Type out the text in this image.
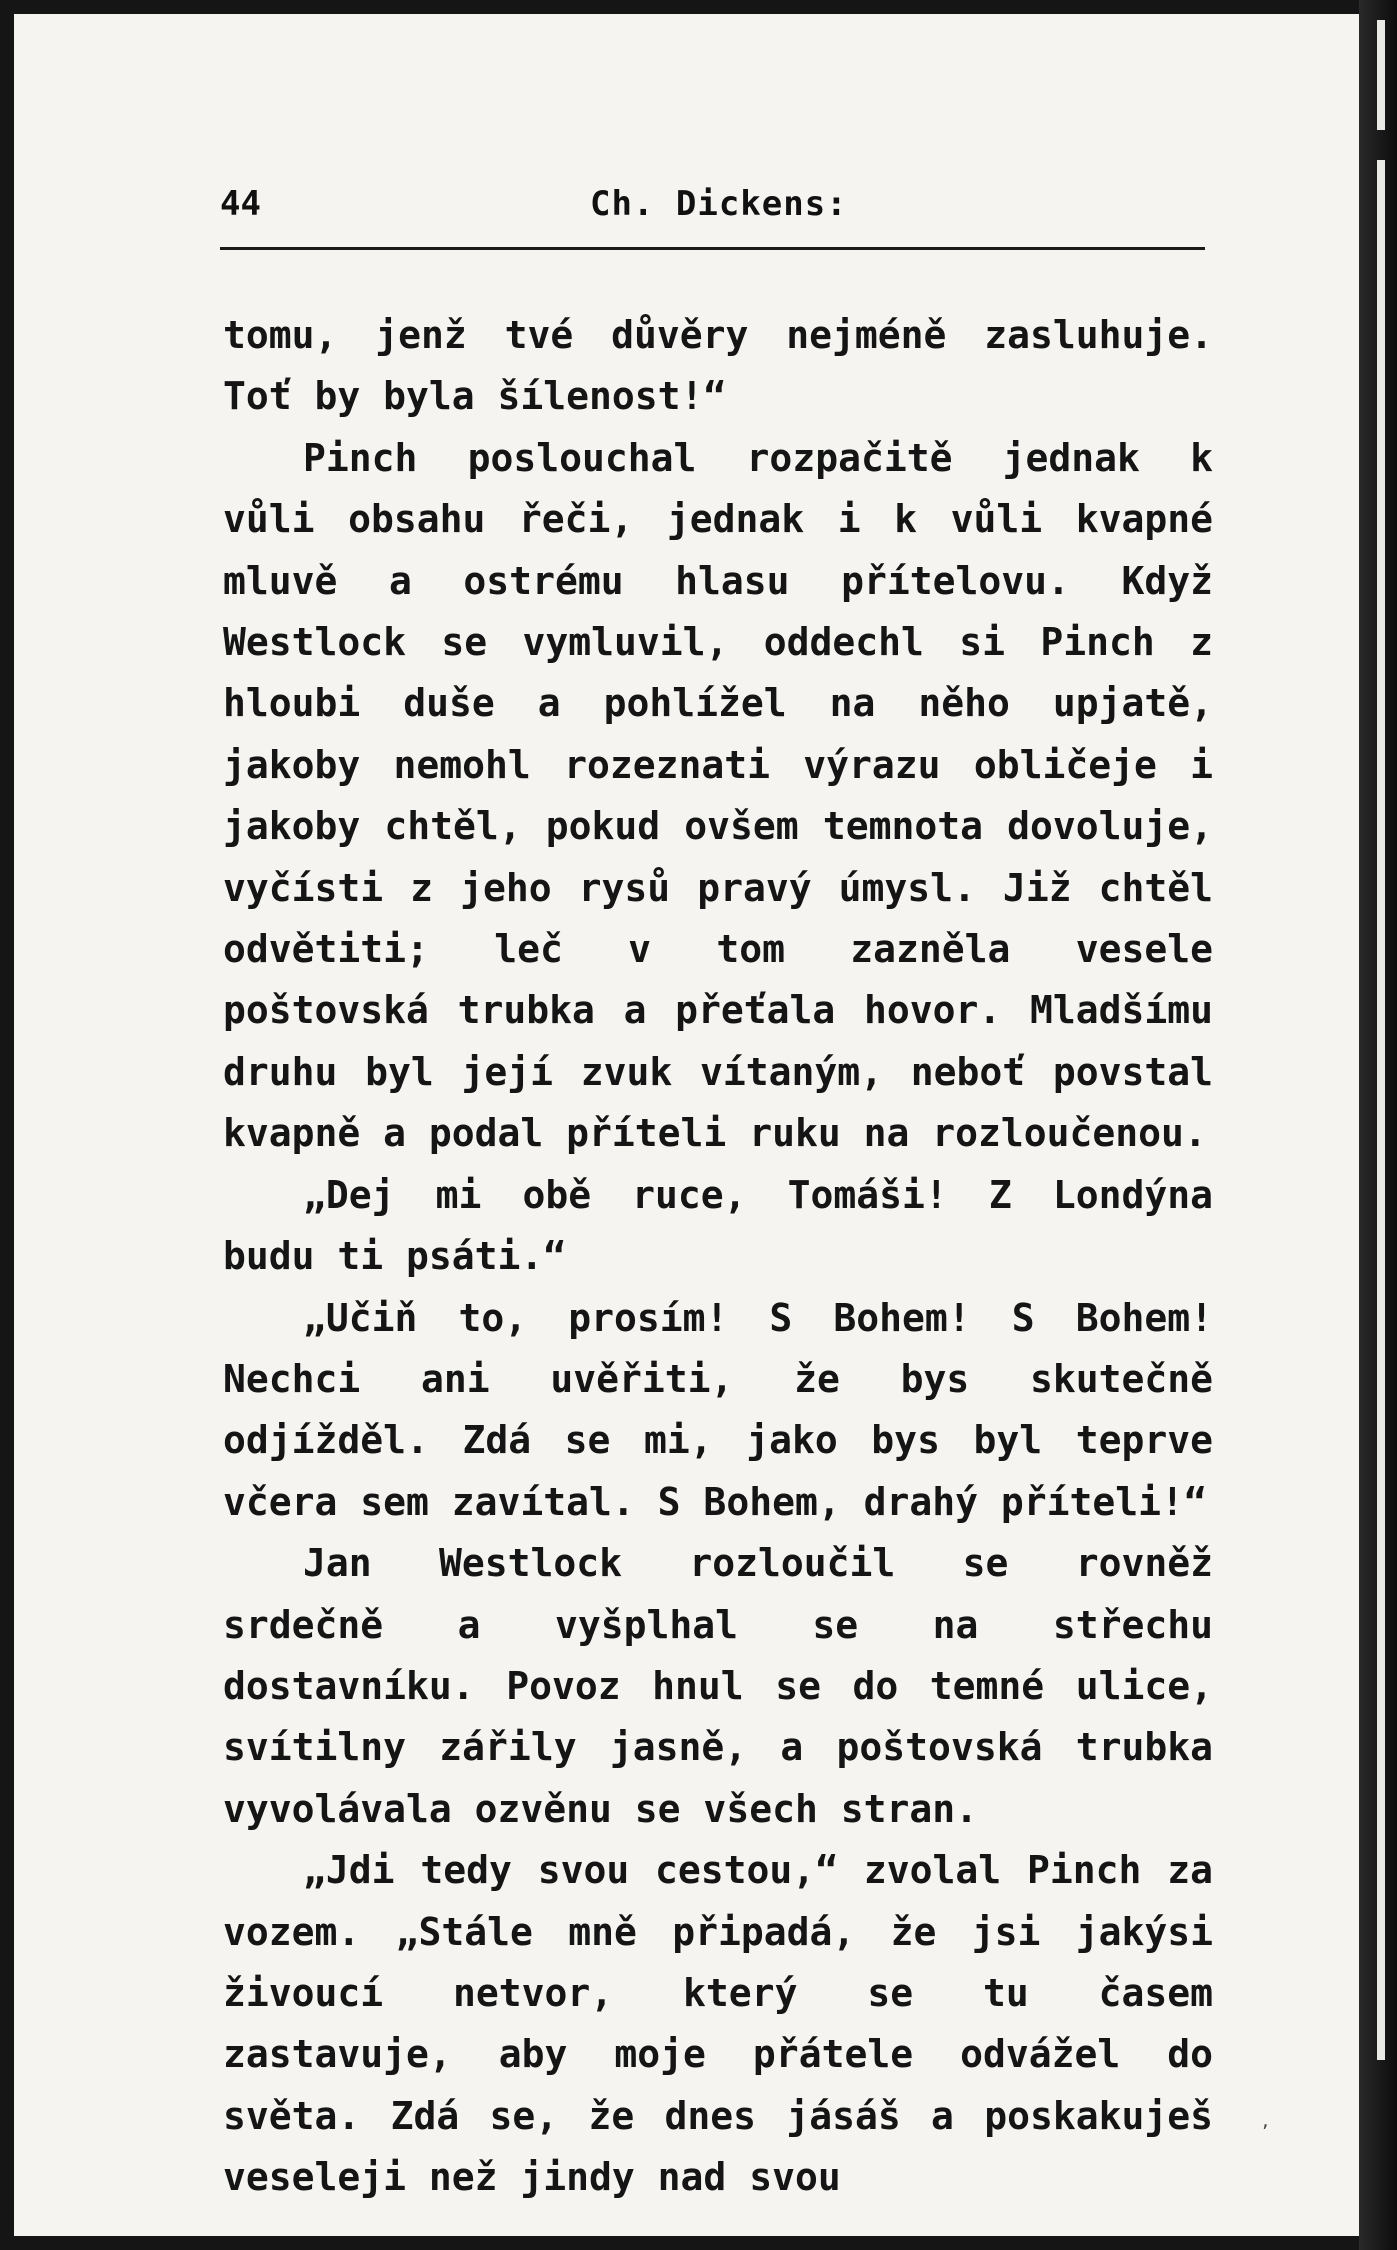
44	Ch. Dickens:

tomu, jenž tvé důvěry nejméně zasluhuje. Toť by byla šílenost!“

Pinch poslouchal rozpačitě jednak k vůli obsahu řeči, jednak i k vůli kvapné mluvě a ostrému hlasu přítelovu. Když Westlock se vymluvil, oddechl si Pinch z hloubi duše a pohlížel na něho upjatě, jakoby nemohl rozeznati výrazu obličeje i jakoby chtěl, pokud ovšem temnota dovoluje, vyčísti z jeho rysů pravý úmysl. Již chtěl odvětiti; leč v tom zazněla vesele poštovská trubka a přeťala hovor. Mladšímu druhu byl její zvuk vítaným, neboť povstal kvapně a podal příteli ruku na rozloučenou.

„Dej mi obě ruce, Tomáši! Z Londýna budu ti psáti.“

„Učiň to, prosím! S Bohem! S Bohem! Nechci ani uvěřiti, že bys skutečně odjížděl. Zdá se mi, jako bys byl teprve včera sem zavítal. S Bohem, drahý příteli!“

Jan Westlock rozloučil se rovněž srdečně a vyšplhal se na střechu dostavníku. Povoz hnul se do temné ulice, svítilny zářily jasně, a poštovská trubka vyvolávala ozvěnu se všech stran.

„Jdi tedy svou cestou,“ zvolal Pinch za vozem. „Stále mně připadá, že jsi jakýsi živoucí netvor, který se tu časem zastavuje, aby moje přátele odvážel do světa. Zdá se, že dnes jásáš a poskakuješ veseleji než jindy nad svou

ʼ
